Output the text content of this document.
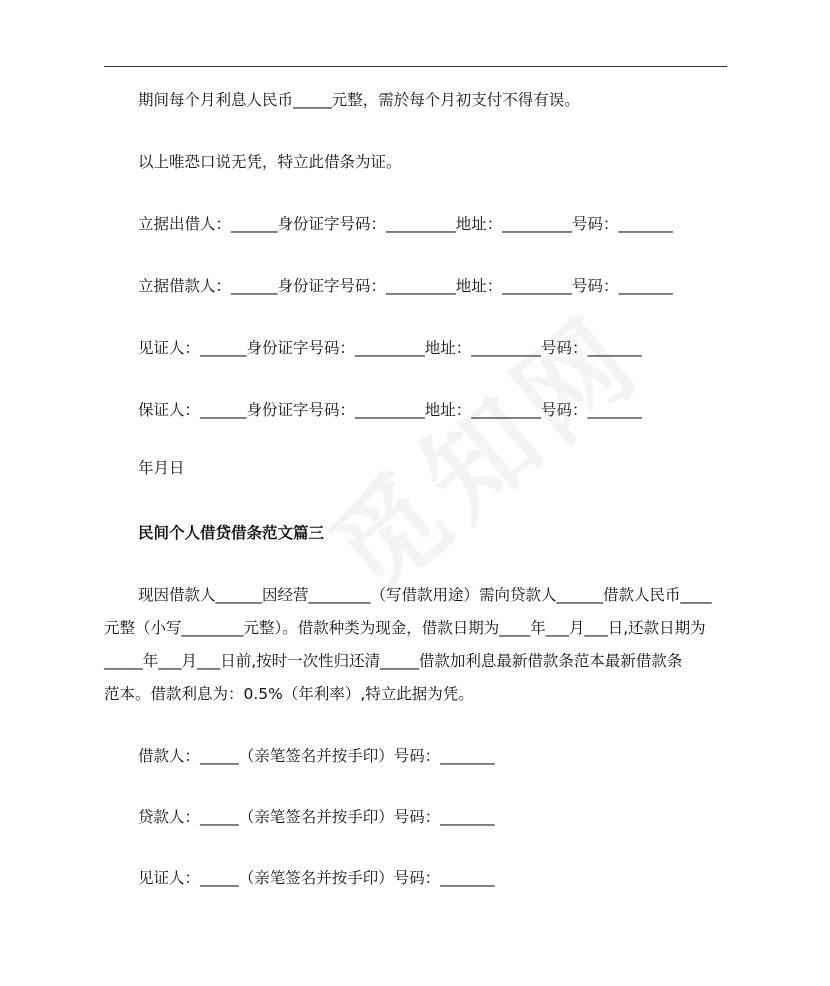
期间每个月利息人民币_____元整，需於每个月初支付不得有误。
以上唯恐口说无凭，特立此借条为证。
立据出借人：______身份证字号码：_________地址：_________号码：_______
立据借款人：______身份证字号码：_________地址：_________号码：_______
见证人：______身份证字号码：_________地址：_________号码：_______
保证人：______身份证字号码：_________地址：_________号码：_______
年月日
民间个人借贷借条范文篇三
现因借款人______因经营________（写借款用途）需向贷款人______借款人民币____
元整（小写________元整）。借款种类为现金，借款日期为____年___月___日,还款日期为
_____年___月___日前,按时一次性归还清_____借款加利息最新借款条范本最新借款条
范本。借款利息为：0.5%（年利率）,特立此据为凭。
借款人：_____（亲笔签名并按手印）号码：_______
贷款人：_____（亲笔签名并按手印）号码：_______
见证人：_____（亲笔签名并按手印）号码：_______
